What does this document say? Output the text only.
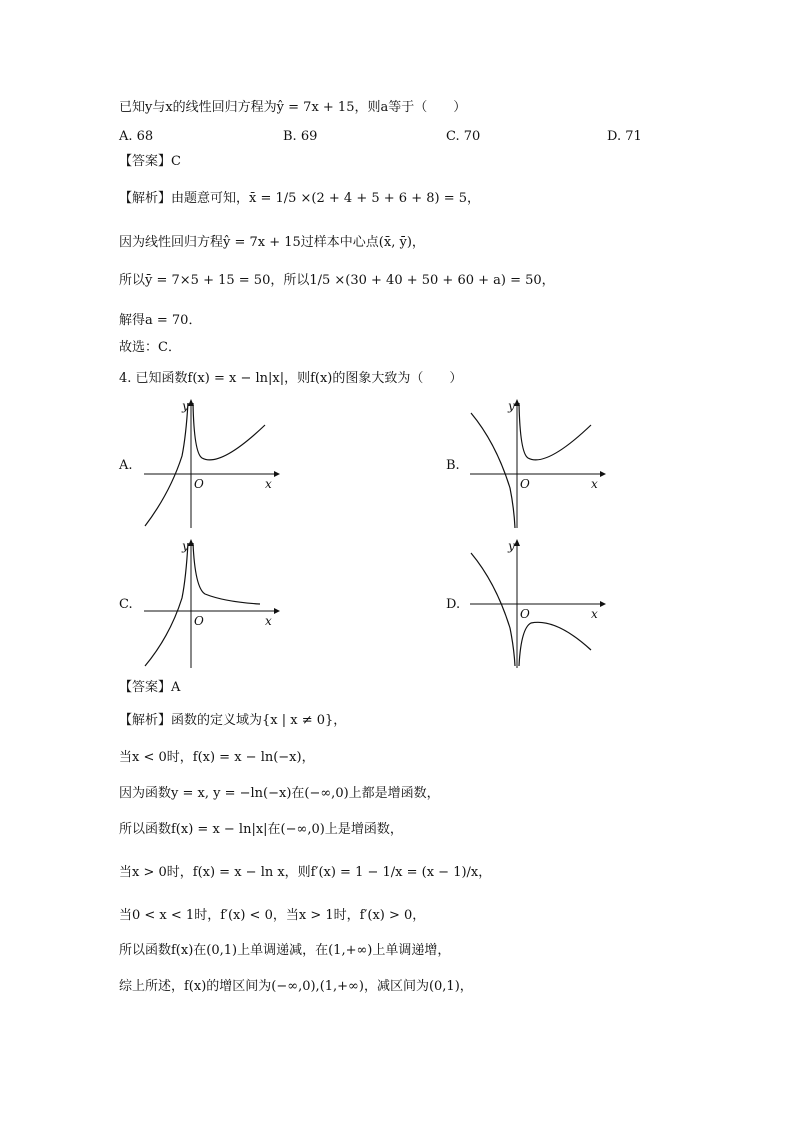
已知y与x的线性回归方程为ŷ = 7x + 15，则a等于（　　）
A. 68	B. 69	C. 70	D. 71
【答案】C
【解析】由题意可知，x̄ = 1/5 ×(2 + 4 + 5 + 6 + 8) = 5，
因为线性回归方程ŷ = 7x + 15过样本中心点(x̄, ȳ)，
所以ȳ = 7×5 + 15 = 50，所以1/5 ×(30 + 40 + 50 + 60 + a) = 50，
解得a = 70．
故选：C．
4. 已知函数f(x) = x − ln|x|，则f(x)的图象大致为（　　）
A.
y
x
O
B.
y
x
O
C.
y
x
O
D.
y
x
O
【答案】A
【解析】函数的定义域为{x | x ≠ 0}，
当x < 0时，f(x) = x − ln(−x)，
因为函数y = x, y = −ln(−x)在(−∞,0)上都是增函数，
所以函数f(x) = x − ln|x|在(−∞,0)上是增函数，
当x > 0时，f(x) = x − ln x，则f′(x) = 1 − 1/x = (x − 1)/x，
当0 < x < 1时，f′(x) < 0，当x > 1时，f′(x) > 0，
所以函数f(x)在(0,1)上单调递减，在(1,+∞)上单调递增，
综上所述，f(x)的增区间为(−∞,0),(1,+∞)，减区间为(0,1)，
